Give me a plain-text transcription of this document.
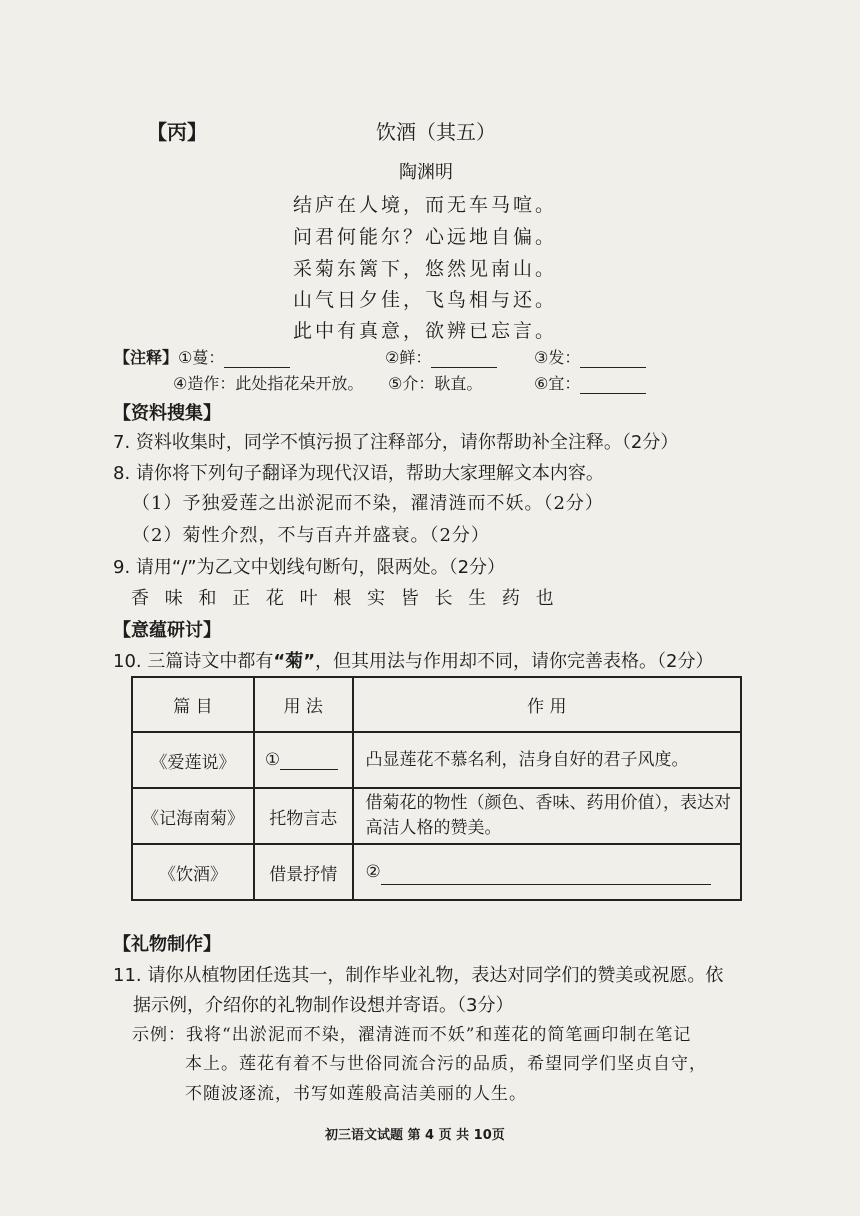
【丙】	饮酒（其五）
陶渊明
结庐在人境，而无车马喧。
问君何能尔？心远地自偏。
采菊东篱下，悠然见南山。
山气日夕佳，飞鸟相与还。
此中有真意，欲辨已忘言。
【注释】①蔓：	②鲜：	③发：
④造作：此处指花朵开放。 ⑤介：耿直。	⑥宜：
【资料搜集】
7. 资料收集时，同学不慎污损了注释部分，请你帮助补全注释。（2分）
8. 请你将下列句子翻译为现代汉语，帮助大家理解文本内容。
（1）予独爱莲之出淤泥而不染，濯清涟而不妖。（2分）
（2）菊性介烈，不与百卉并盛衰。（2分）
9. 请用“/”为乙文中划线句断句，限两处。（2分）
香 味 和 正 花 叶 根 实 皆 长 生 药 也
【意蕴研讨】
10. 三篇诗文中都有“菊”，但其用法与作用却不同，请你完善表格。（2分）
篇 目	用 法	作 用
《爱莲说》	①	凸显莲花不慕名利，洁身自好的君子风度。
《记海南菊》	托物言志	借菊花的物性（颜色、香味、药用价值），表达对高洁人格的赞美。
《饮酒》	借景抒情	②
【礼物制作】
11. 请你从植物团任选其一，制作毕业礼物，表达对同学们的赞美或祝愿。依
据示例，介绍你的礼物制作设想并寄语。（3分）
示例：我将“出淤泥而不染，濯清涟而不妖”和莲花的简笔画印制在笔记
本上。莲花有着不与世俗同流合污的品质，希望同学们坚贞自守，
不随波逐流，书写如莲般高洁美丽的人生。
初三语文试题 第 4 页 共 10页
